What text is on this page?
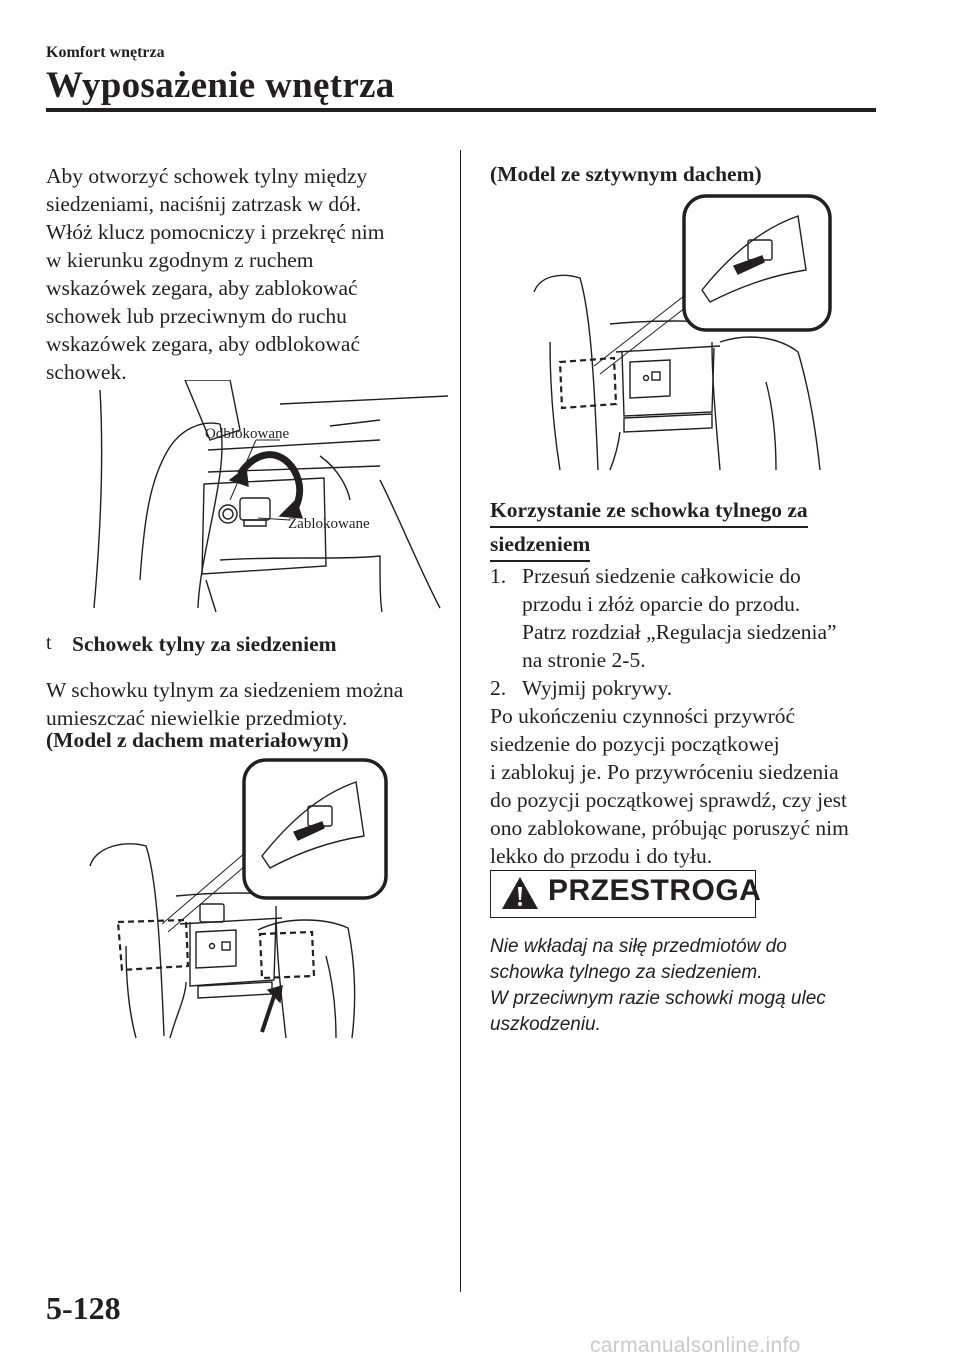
Komfort wnętrza
Wyposażenie wnętrza
Aby otworzyć schowek tylny między
siedzeniami, naciśnij zatrzask w dół.
Włóż klucz pomocniczy i przekręć nim
w kierunku zgodnym z ruchem
wskazówek zegara, aby zablokować
schowek lub przeciwnym do ruchu
wskazówek zegara, aby odblokować
schowek.
Odblokowane
Zablokowane
t Schowek tylny za siedzeniem
W schowku tylnym za siedzeniem można
umieszczać niewielkie przedmioty.
(Model z dachem materiałowym)
(Model ze sztywnym dachem)
Korzystanie ze schowka tylnego za
siedzeniem
1. Przesuń siedzenie całkowicie do
przodu i złóż oparcie do przodu.
Patrz rozdział „Regulacja siedzenia”
na stronie 2-5.
2. Wyjmij pokrywy.
Po ukończeniu czynności przywróć
siedzenie do pozycji początkowej
i zablokuj je. Po przywróceniu siedzenia
do pozycji początkowej sprawdź, czy jest
ono zablokowane, próbując poruszyć nim
lekko do przodu i do tyłu.
PRZESTROGA
Nie wkładaj na siłę przedmiotów do
schowka tylnego za siedzeniem.
W przeciwnym razie schowki mogą ulec
uszkodzeniu.
5-128
carmanualsonline.info
